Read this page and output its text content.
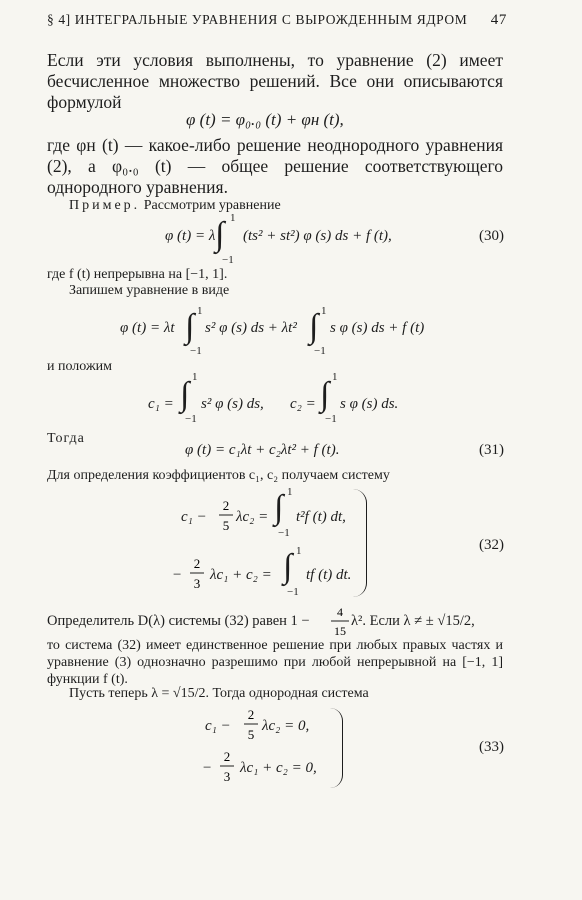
§ 4] ИНТЕГРАЛЬНЫЕ УРАВНЕНИЯ С ВЫРОЖДЕННЫМ ЯДРОМ 47
Если эти условия выполнены, то уравнение (2) имеет бесчисленное множество решений. Все они описываются формулой
φ (t) = φ₀.₀ (t) + φн (t),
где φн (t) — какое-либо решение неоднородного уравнения (2), а φ₀.₀ (t) — общее решение соответствующего однородного уравнения.
Пример. Рассмотрим уравнение
φ (t) = λ
1
∫
−1
(ts² + st²) φ (s) ds + f (t),	(30)
где f (t) непрерывна на [−1, 1].
Запишем уравнение в виде
φ (t) = λt
1
∫
−1
s² φ (s) ds + λt²
1
∫
−1
s φ (s) ds + f (t)
и положим
c₁ =
1
∫
−1
s² φ (s) ds, c₂ =
1
∫
−1
s φ (s) ds.
Тогда
φ (t) = c₁λt + c₂λt² + f (t).	(31)
Для определения коэффициентов c₁, c₂ получаем систему
c₁ −
2
5
λc₂ =
1
∫
−1
t²f (t) dt,
−
2
3
λc₁ + c₂ =
1
∫
−1
tf (t) dt.
(32)
Определитель D(λ) системы (32) равен 1 −
4
15
λ². Если λ ≠ ± √15/2,
то система (32) имеет единственное решение при любых правых частях и уравнение (3) однозначно разрешимо при любой непрерывной на [−1, 1] функции f (t).
Пусть теперь λ = √15/2. Тогда однородная система
c₁ −
2
5
λc₂ = 0,
−
2
3
λc₁ + c₂ = 0,
(33)
